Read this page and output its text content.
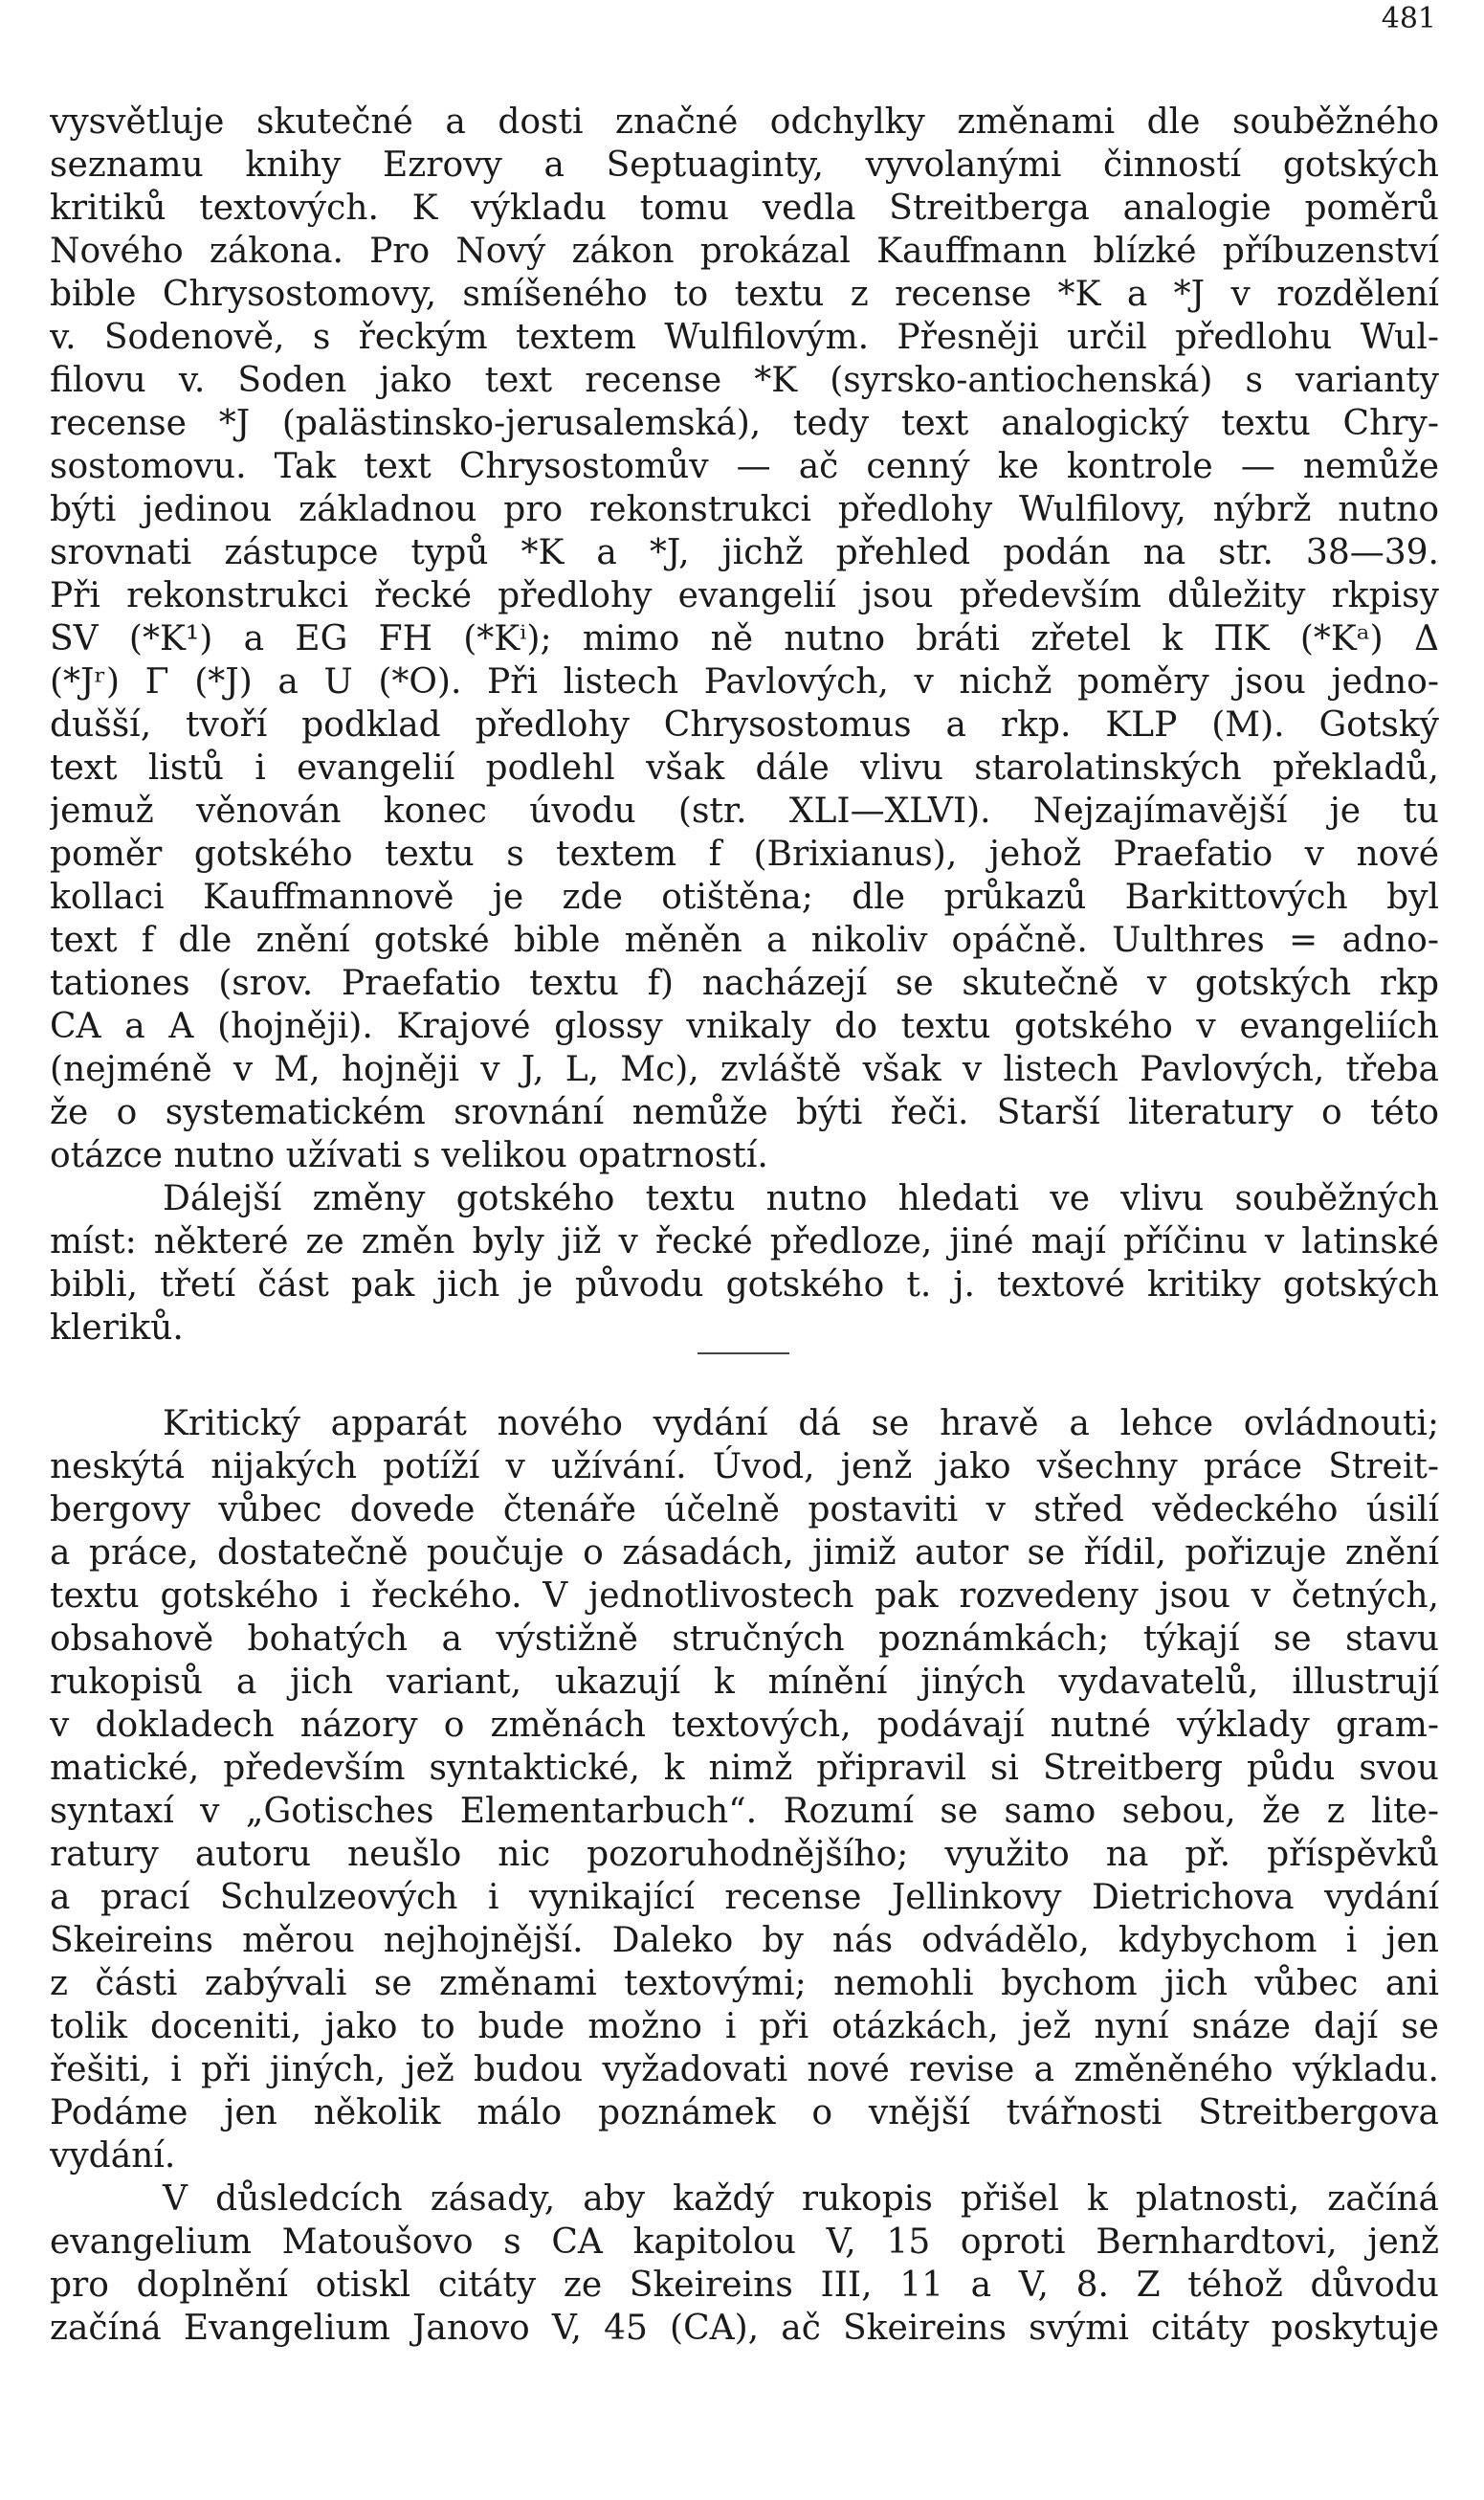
481
vysvětluje skutečné a dosti značné odchylky změnami dle souběžného
seznamu knihy Ezrovy a Septuaginty, vyvolanými činností gotských
kritiků textových. K výkladu tomu vedla Streitberga analogie poměrů
Nového zákona. Pro Nový zákon prokázal Kauffmann blízké příbuzenství
bible Chrysostomovy, smíšeného to textu z recense *K a *J v rozdělení
v. Sodenově, s řeckým textem Wulfilovým. Přesněji určil předlohu Wul-
filovu v. Soden jako text recense *K (syrsko-antiochenská) s varianty
recense *J (palästinsko-jerusalemská), tedy text analogický textu Chry-
sostomovu. Tak text Chrysostomův — ač cenný ke kontrole — nemůže
býti jedinou základnou pro rekonstrukci předlohy Wulfilovy, nýbrž nutno
srovnati zástupce typů *K a *J, jichž přehled podán na str. 38—39.
Při rekonstrukci řecké předlohy evangelií jsou především důležity rkpisy
SV (*K¹) a EG FH (*Kⁱ); mimo ně nutno bráti zřetel k ΠK (*Kᵃ) Δ
(*Jʳ) Γ (*J) a U (*O). Při listech Pavlových, v nichž poměry jsou jedno-
dušší, tvoří podklad předlohy Chrysostomus a rkp. KLP (M). Gotský
text listů i evangelií podlehl však dále vlivu starolatinských překladů,
jemuž věnován konec úvodu (str. XLI—XLVI). Nejzajímavější je tu
poměr gotského textu s textem f (Brixianus), jehož Praefatio v nové
kollaci Kauffmannově je zde otištěna; dle průkazů Barkittových byl
text f dle znění gotské bible měněn a nikoliv opáčně. Uulthres = adno-
tationes (srov. Praefatio textu f) nacházejí se skutečně v gotských rkp
CA a A (hojněji). Krajové glossy vnikaly do textu gotského v evangeliích
(nejméně v M, hojněji v J, L, Mc), zvláště však v listech Pavlových, třeba
že o systematickém srovnání nemůže býti řeči. Starší literatury o této
otázce nutno užívati s velikou opatrností.
Dálejší změny gotského textu nutno hledati ve vlivu souběžných
míst: některé ze změn byly již v řecké předloze, jiné mají příčinu v latinské
bibli, třetí část pak jich je původu gotského t. j. textové kritiky gotských
kleriků.
Kritický apparát nového vydání dá se hravě a lehce ovládnouti;
neskýtá nijakých potíží v užívání. Úvod, jenž jako všechny práce Streit-
bergovy vůbec dovede čtenáře účelně postaviti v střed vědeckého úsilí
a práce, dostatečně poučuje o zásadách, jimiž autor se řídil, pořizuje znění
textu gotského i řeckého. V jednotlivostech pak rozvedeny jsou v četných,
obsahově bohatých a výstižně stručných poznámkách; týkají se stavu
rukopisů a jich variant, ukazují k mínění jiných vydavatelů, illustrují
v dokladech názory o změnách textových, podávají nutné výklady gram-
matické, především syntaktické, k nimž připravil si Streitberg půdu svou
syntaxí v „Gotisches Elementarbuch“. Rozumí se samo sebou, že z lite-
ratury autoru neušlo nic pozoruhodnějšího; využito na př. příspěvků
a prací Schulzeových i vynikající recense Jellinkovy Dietrichova vydání
Skeireins měrou nejhojnější. Daleko by nás odvádělo, kdybychom i jen
z části zabývali se změnami textovými; nemohli bychom jich vůbec ani
tolik doceniti, jako to bude možno i při otázkách, jež nyní snáze dají se
řešiti, i při jiných, jež budou vyžadovati nové revise a změněného výkladu.
Podáme jen několik málo poznámek o vnější tvářnosti Streitbergova
vydání.
V důsledcích zásady, aby každý rukopis přišel k platnosti, začíná
evangelium Matoušovo s CA kapitolou V, 15 oproti Bernhardtovi, jenž
pro doplnění otiskl citáty ze Skeireins III, 11 a V, 8. Z téhož důvodu
začíná Evangelium Janovo V, 45 (CA), ač Skeireins svými citáty poskytuje
